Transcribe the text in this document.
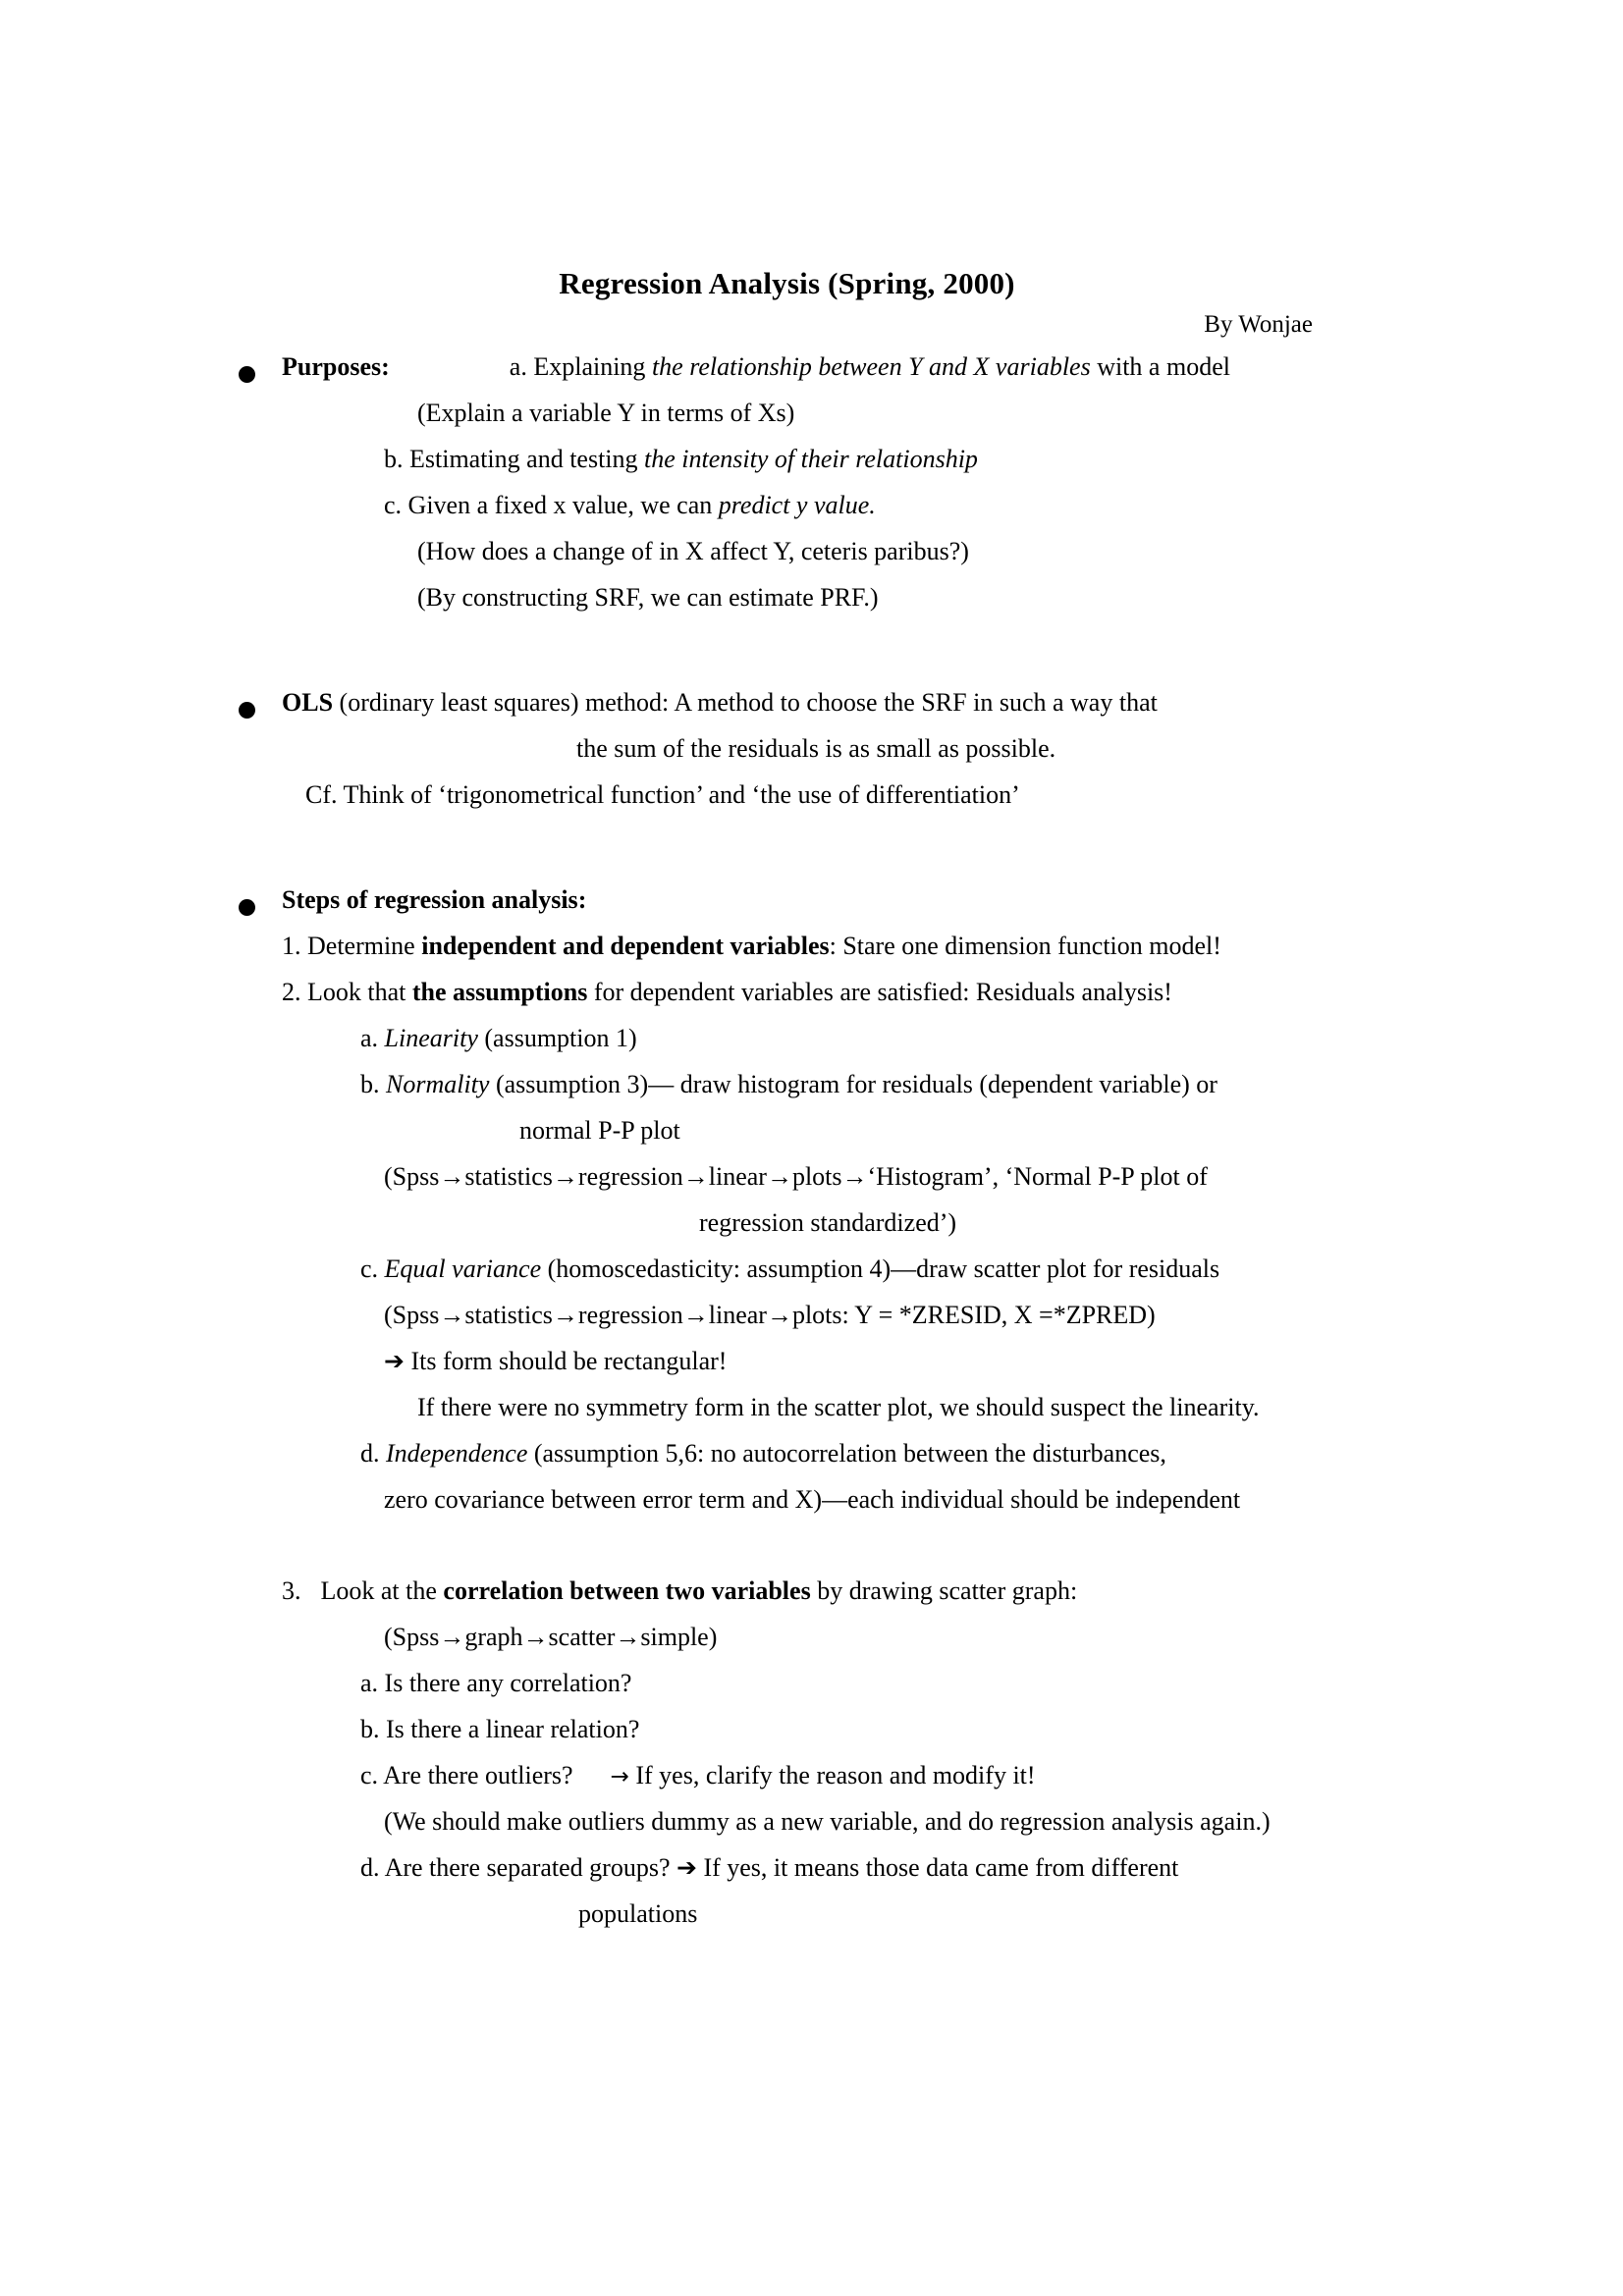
Regression Analysis (Spring, 2000)
By Wonjae
Purposes:	a. Explaining the relationship between Y and X variables with a model
(Explain a variable Y in terms of Xs)
b. Estimating and testing the intensity of their relationship
c. Given a fixed x value, we can predict y value.
(How does a change of in X affect Y, ceteris paribus?)
(By constructing SRF, we can estimate PRF.)
OLS (ordinary least squares) method: A method to choose the SRF in such a way that
the sum of the residuals is as small as possible.
Cf. Think of ‘trigonometrical function’ and ‘the use of differentiation’
Steps of regression analysis:
1. Determine independent and dependent variables: Stare one dimension function model!
2. Look that the assumptions for dependent variables are satisfied: Residuals analysis!
a. Linearity (assumption 1)
b. Normality (assumption 3)— draw histogram for residuals (dependent variable) or
normal P-P plot
(Spss→statistics→regression→linear→plots→‘Histogram’, ‘Normal P-P plot of
regression standardized’)
c. Equal variance (homoscedasticity: assumption 4)—draw scatter plot for residuals
(Spss→statistics→regression→linear→plots: Y = *ZRESID, X =*ZPRED)
➔ Its form should be rectangular!
If there were no symmetry form in the scatter plot, we should suspect the linearity.
d. Independence (assumption 5,6: no autocorrelation between the disturbances,
zero covariance between error term and X)—each individual should be independent
3. Look at the correlation between two variables by drawing scatter graph:
(Spss→graph→scatter→simple)
a. Is there any correlation?
b. Is there a linear relation?
c. Are there outliers? → If yes, clarify the reason and modify it!
(We should make outliers dummy as a new variable, and do regression analysis again.)
d. Are there separated groups? ➔ If yes, it means those data came from different
populations
